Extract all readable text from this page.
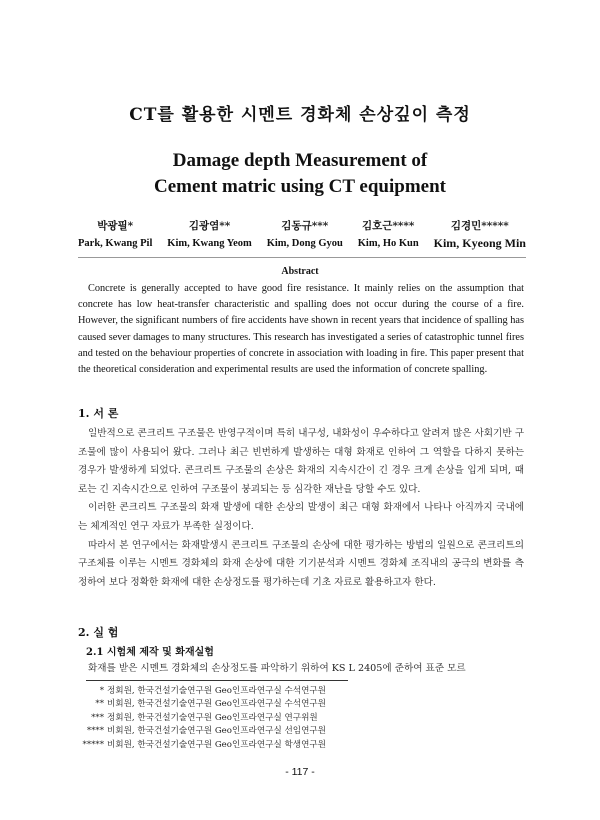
CT를 활용한 시멘트 경화체 손상깊이 측정
Damage depth Measurement of
Cement matric using CT equipment
박광필*
Park, Kwang Pil
김광염**
Kim, Kwang Yeom
김동규***
Kim, Dong Gyou
김호근****
Kim, Ho Kun
김경민*****
Kim, Kyeong Min
Abstract
Concrete is generally accepted to have good fire resistance. It mainly relies on the assumption that concrete has low heat-transfer characteristic and spalling does not occur during the course of a fire. However, the significant numbers of fire accidents have shown in recent years that incidence of spalling has caused sever damages to many structures. This research has investigated a series of catastrophic tunnel fires and tested on the behaviour properties of concrete in association with loading in fire. This paper present that the theoretical consideration and experimental results are used the information of concrete spalling.
1. 서 론

일반적으로 콘크리트 구조물은 반영구적이며 특히 내구성, 내화성이 우수하다고 알려져 많은 사회기반 구조물에 많이 사용되어 왔다. 그러나 최근 빈번하게 발생하는 대형 화재로 인하여 그 역할을 다하지 못하는 경우가 발생하게 되었다. 콘크리트 구조물의 손상은 화재의 지속시간이 긴 경우 크게 손상을 입게 되며, 때로는 긴 지속시간으로 인하여 구조물이 붕괴되는 등 심각한 재난을 당할 수도 있다.

이러한 콘크리트 구조물의 화재 발생에 대한 손상의 발생이 최근 대형 화재에서 나타나 아직까지 국내에는 체계적인 연구 자료가 부족한 실정이다.

따라서 본 연구에서는 화재발생시 콘크리트 구조물의 손상에 대한 평가하는 방법의 일원으로 콘크리트의 구조체를 이루는 시멘트 경화체의 화재 손상에 대한 기기분석과 시멘트 경화체 조직내의 공극의 변화를 측정하여 보다 정확한 화재에 대한 손상정도를 평가하는데 기초 자료로 활용하고자 한다.

2. 실 험
2.1 시험체 제작 및 화재실험
화재를 받은 시멘트 경화체의 손상정도를 파악하기 위하여 KS L 2405에 준하여 표준 모르
* 정회원, 한국건설기술연구원 Geo인프라연구실 수석연구원
** 비회원, 한국건설기술연구원 Geo인프라연구실 수석연구원
*** 정회원, 한국건설기술연구원 Geo인프라연구실 연구위원
**** 비회원, 한국건설기술연구원 Geo인프라연구실 선임연구원
***** 비회원, 한국건설기술연구원 Geo인프라연구실 학생연구원
- 117 -
